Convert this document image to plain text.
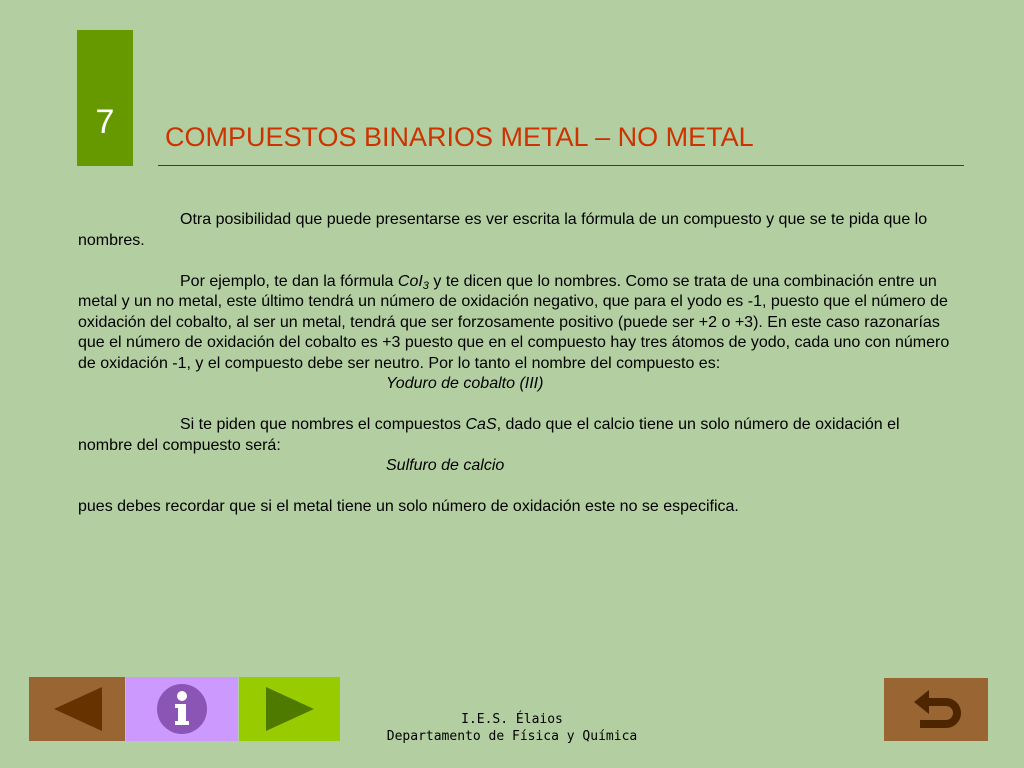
7	COMPUESTOS BINARIOS METAL – NO METAL

Otra posibilidad que puede presentarse es ver escrita la fórmula de un compuesto y que se te pida que lo nombres.

Por ejemplo, te dan la fórmula CoI$_3$ y te dicen que lo nombres. Como se trata de una combinación entre un metal y un no metal, este último tendrá un número de oxidación negativo, que para el yodo es -1, puesto que el número de oxidación del cobalto, al ser un metal, tendrá que ser forzosamente positivo (puede ser +2 o +3). En este caso razonarías que el número de oxidación del cobalto es +3 puesto que en el compuesto hay tres átomos de yodo, cada uno con número de oxidación -1, y el compuesto debe ser neutro. Por lo tanto el nombre del compuesto es:

Yoduro de cobalto (III)

Si te piden que nombres el compuestos CaS, dado que el calcio tiene un solo número de oxidación el nombre del compuesto será:

Sulfuro de calcio

pues debes recordar que si el metal tiene un solo número de oxidación este no se especifica.

I.E.S. Élaios
Departamento de Física y Química
